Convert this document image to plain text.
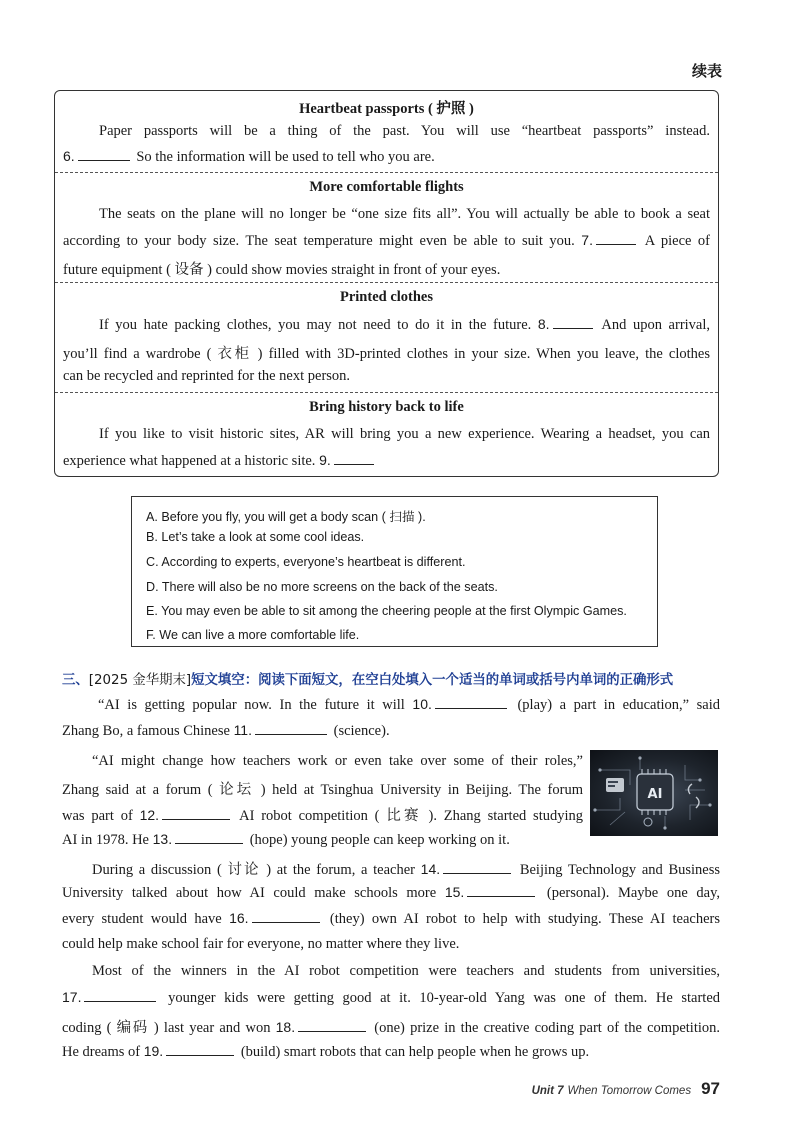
续表
Heartbeat passports ( 护照 )
Paper passports will be a thing of the past. You will use “heartbeat passports” instead.
6.	So the information will be used to tell who you are.
More comfortable flights
The seats on the plane will no longer be “one size fits all”. You will actually be able to book a seat
according to your body size. The seat temperature might even be able to suit you. 7.	A piece of
future equipment ( 设备 ) could show movies straight in front of your eyes.
Printed clothes
If you hate packing clothes, you may not need to do it in the future. 8.	And upon arrival,
you’ll find a wardrobe ( 衣柜 ) filled with 3D-printed clothes in your size. When you leave, the clothes
can be recycled and reprinted for the next person.
Bring history back to life
If you like to visit historic sites, AR will bring you a new experience. Wearing a headset, you can
experience what happened at a historic site. 9.
A. Before you fly, you will get a body scan ( 扫描 ).
B. Let’s take a look at some cool ideas.
C. According to experts, everyone’s heartbeat is different.
D. There will also be no more screens on the back of the seats.
E. You may even be able to sit among the cheering people at the first Olympic Games.
F. We can live a more comfortable life.
三、[2025 金华期末]短文填空：阅读下面短文，在空白处填入一个适当的单词或括号内单词的正确形式
“AI is getting popular now. In the future it will 10.	(play) a part in education,” said
Zhang Bo, a famous Chinese 11.	(science).
“AI might change how teachers work or even take over some of their roles,”
Zhang said at a forum ( 论坛 ) held at Tsinghua University in Beijing. The forum
was part of 12.	AI robot competition ( 比赛 ). Zhang started studying
AI in 1978. He 13.	(hope) young people can keep working on it.
During a discussion ( 讨论 ) at the forum, a teacher 14.	Beijing Technology and Business
University talked about how AI could make schools more 15.	(personal). Maybe one day,
every student would have 16.	(they) own AI robot to help with studying. These AI teachers
could help make school fair for everyone, no matter where they live.
Most of the winners in the AI robot competition were teachers and students from universities,
17.	younger kids were getting good at it. 10-year-old Yang was one of them. He started
coding ( 编码 ) last year and won 18.	(one) prize in the creative coding part of the competition.
He dreams of 19.	(build) smart robots that can help people when he grows up.
AI
Unit 7 When Tomorrow Comes 97
